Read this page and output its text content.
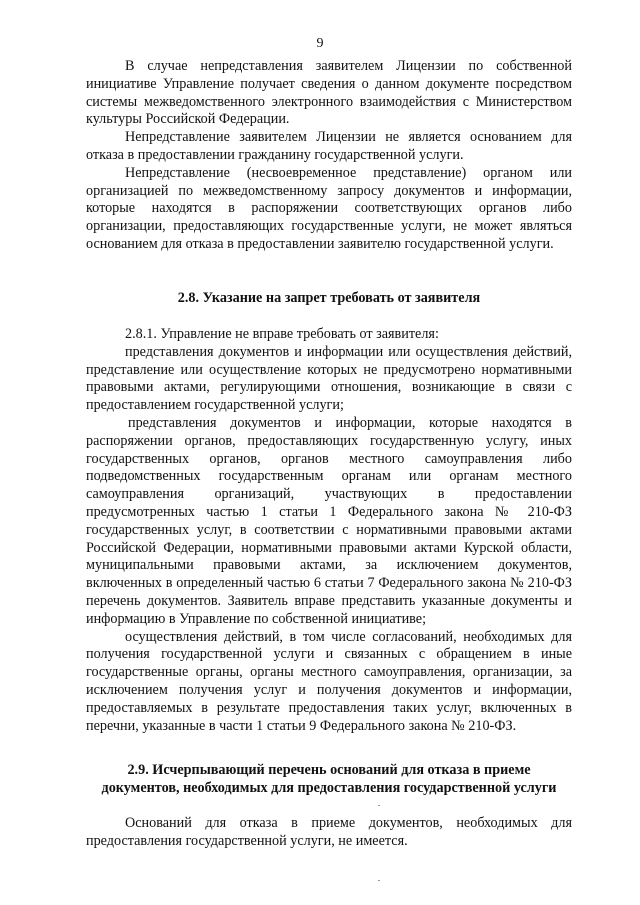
9

В случае непредставления заявителем Лицензии по собственной инициативе Управление получает сведения о данном документе посредством системы межведомственного электронного взаимодействия с Министерством культуры Российской Федерации.

Непредставление заявителем Лицензии не является основанием для отказа в предоставлении гражданину государственной услуги.

Непредставление (несвоевременное представление) органом или организацией по межведомственному запросу документов и информации, которые находятся в распоряжении соответствующих органов либо организации, предоставляющих государственные услуги, не может являться основанием для отказа в предоставлении заявителю государственной услуги.

2.8. Указание на запрет требовать от заявителя

2.8.1. Управление не вправе требовать от заявителя:

представления документов и информации или осуществления действий, представление или осуществление которых не предусмотрено нормативными правовыми актами, регулирующими отношения, возникающие в связи с предоставлением государственной услуги;

представления документов и информации, которые находятся в распоряжении органов, предоставляющих государственную услугу, иных государственных органов, органов местного самоуправления либо подведомственных государственным органам или органам местного самоуправления организаций, участвующих в предоставлении предусмотренных частью 1 статьи 1 Федерального закона № 210-ФЗ государственных услуг, в соответствии с нормативными правовыми актами Российской Федерации, нормативными правовыми актами Курской области, муниципальными правовыми актами, за исключением документов, включенных в определенный частью 6 статьи 7 Федерального закона № 210-ФЗ перечень документов. Заявитель вправе представить указанные документы и информацию в Управление по собственной инициативе;

осуществления действий, в том числе согласований, необходимых для получения государственной услуги и связанных с обращением в иные государственные органы, органы местного самоуправления, организации, за исключением получения услуг и получения документов и информации, предоставляемых в результате предоставления таких услуг, включенных в перечни, указанные в части 1 статьи 9 Федерального закона № 210-ФЗ.

2.9. Исчерпывающий перечень оснований для отказа в приеме
документов, необходимых для предоставления государственной услуги

Оснований для отказа в приеме документов, необходимых для предоставления государственной услуги, не имеется.
